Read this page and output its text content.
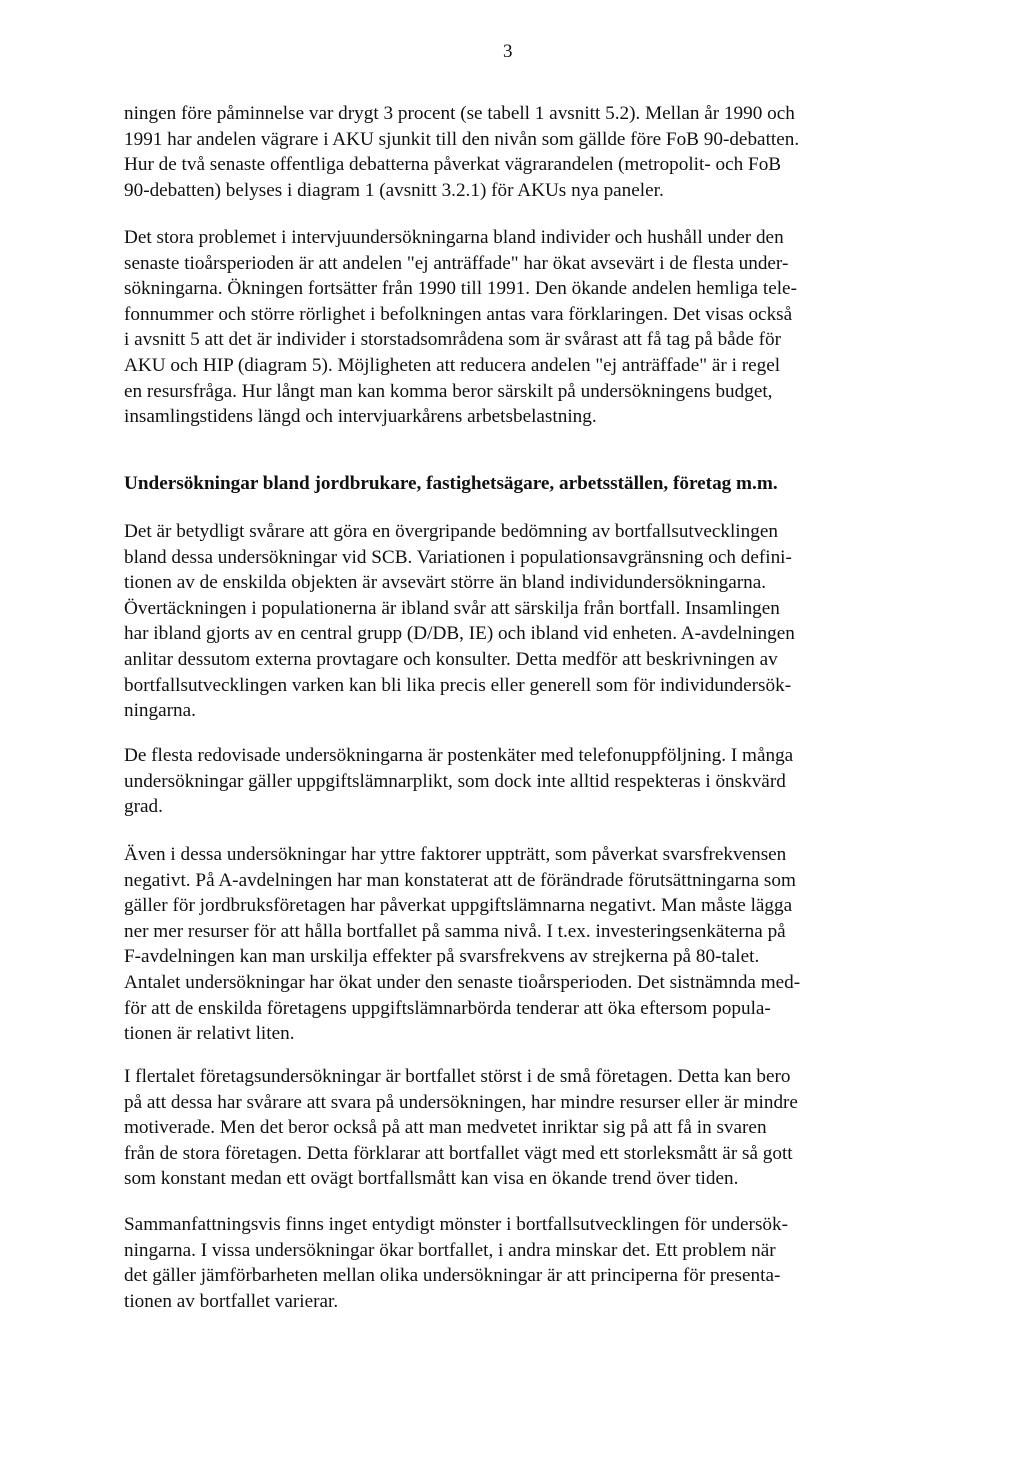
3

ningen före påminnelse var drygt 3 procent (se tabell 1 avsnitt 5.2). Mellan år 1990 och
1991 har andelen vägrare i AKU sjunkit till den nivån som gällde före FoB 90-debatten.
Hur de två senaste offentliga debatterna påverkat vägrarandelen (metropolit- och FoB
90-debatten) belyses i diagram 1 (avsnitt 3.2.1) för AKUs nya paneler.

Det stora problemet i intervjuundersökningarna bland individer och hushåll under den
senaste tioårsperioden är att andelen "ej anträffade" har ökat avsevärt i de flesta under-
sökningarna. Ökningen fortsätter från 1990 till 1991. Den ökande andelen hemliga tele-
fonnummer och större rörlighet i befolkningen antas vara förklaringen. Det visas också
i avsnitt 5 att det är individer i storstadsområdena som är svårast att få tag på både för
AKU och HIP (diagram 5). Möjligheten att reducera andelen "ej anträffade" är i regel
en resursfråga. Hur långt man kan komma beror särskilt på undersökningens budget,
insamlingstidens längd och intervjuarkårens arbetsbelastning.

Undersökningar bland jordbrukare, fastighetsägare, arbetsställen, företag m.m.

Det är betydligt svårare att göra en övergripande bedömning av bortfallsutvecklingen
bland dessa undersökningar vid SCB. Variationen i populationsavgränsning och defini-
tionen av de enskilda objekten är avsevärt större än bland individundersökningarna.
Övertäckningen i populationerna är ibland svår att särskilja från bortfall. Insamlingen
har ibland gjorts av en central grupp (D/DB, IE) och ibland vid enheten. A-avdelningen
anlitar dessutom externa provtagare och konsulter. Detta medför att beskrivningen av
bortfallsutvecklingen varken kan bli lika precis eller generell som för individundersök-
ningarna.

De flesta redovisade undersökningarna är postenkäter med telefonuppföljning. I många
undersökningar gäller uppgiftslämnarplikt, som dock inte alltid respekteras i önskvärd
grad.

Även i dessa undersökningar har yttre faktorer uppträtt, som påverkat svarsfrekvensen
negativt. På A-avdelningen har man konstaterat att de förändrade förutsättningarna som
gäller för jordbruksföretagen har påverkat uppgiftslämnarna negativt. Man måste lägga
ner mer resurser för att hålla bortfallet på samma nivå. I t.ex. investeringsenkäterna på
F-avdelningen kan man urskilja effekter på svarsfrekvens av strejkerna på 80-talet.
Antalet undersökningar har ökat under den senaste tioårsperioden. Det sistnämnda med-
för att de enskilda företagens uppgiftslämnarbörda tenderar att öka eftersom popula-
tionen är relativt liten.

I flertalet företagsundersökningar är bortfallet störst i de små företagen. Detta kan bero
på att dessa har svårare att svara på undersökningen, har mindre resurser eller är mindre
motiverade. Men det beror också på att man medvetet inriktar sig på att få in svaren
från de stora företagen. Detta förklarar att bortfallet vägt med ett storleksmått är så gott
som konstant medan ett ovägt bortfallsmått kan visa en ökande trend över tiden.

Sammanfattningsvis finns inget entydigt mönster i bortfallsutvecklingen för undersök-
ningarna. I vissa undersökningar ökar bortfallet, i andra minskar det. Ett problem när
det gäller jämförbarheten mellan olika undersökningar är att principerna för presenta-
tionen av bortfallet varierar.
